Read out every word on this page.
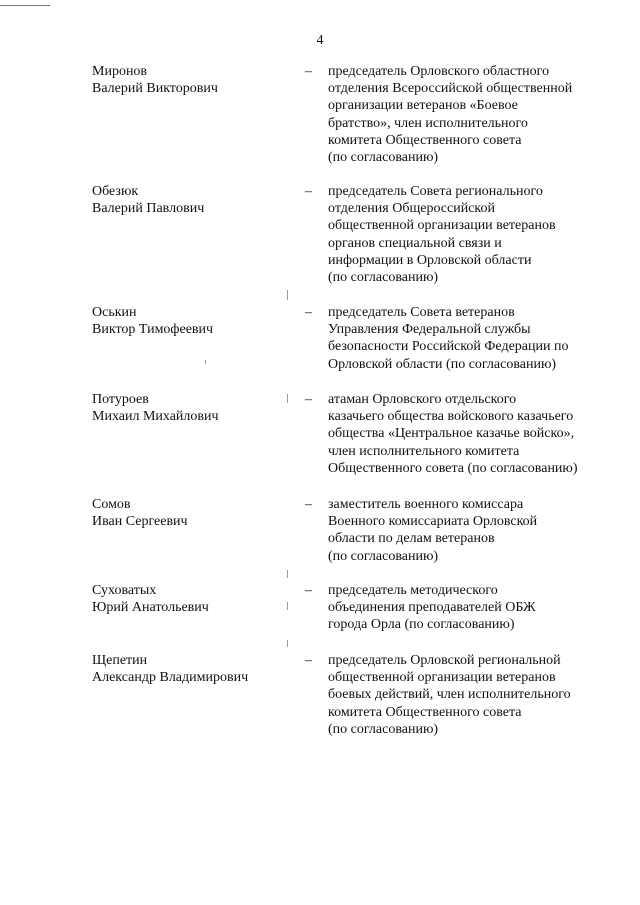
4
Миронов
Валерий Викторович
– председатель Орловского областного
отделения Всероссийской общественной
организации ветеранов «Боевое
братство», член исполнительного
комитета Общественного совета
(по согласованию)
Обезюк
Валерий Павлович
– председатель Совета регионального
отделения Общероссийской
общественной организации ветеранов
органов специальной связи и
информации в Орловской области
(по согласованию)
Оськин
Виктор Тимофеевич
– председатель Совета ветеранов
Управления Федеральной службы
безопасности Российской Федерации по
Орловской области (по согласованию)
Потуроев
Михаил Михайлович
– атаман Орловского отдельского
казачьего общества войскового казачьего
общества «Центральное казачье войско»,
член исполнительного комитета
Общественного совета (по согласованию)
Сомов
Иван Сергеевич
– заместитель военного комиссара
Военного комиссариата Орловской
области по делам ветеранов
(по согласованию)
Суховатых
Юрий Анатольевич
– председатель методического
объединения преподавателей ОБЖ
города Орла (по согласованию)
Щепетин
Александр Владимирович
– председатель Орловской региональной
общественной организации ветеранов
боевых действий, член исполнительного
комитета Общественного совета
(по согласованию)
